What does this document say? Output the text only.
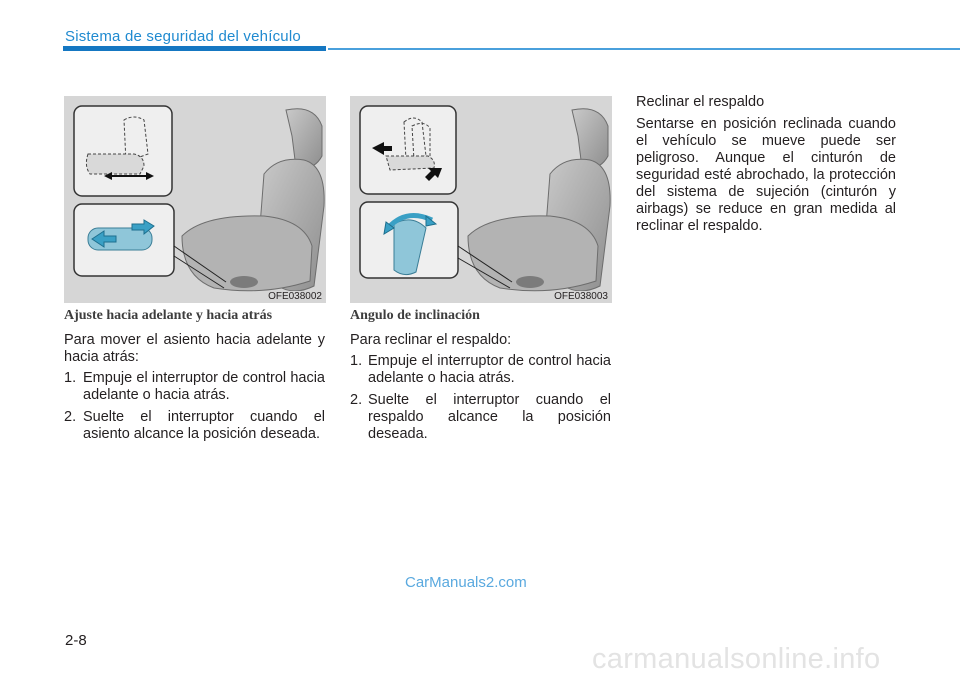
Sistema de seguridad del vehículo
OFE038002	OFE038003
Ajuste hacia adelante y hacia atrás
Para mover el asiento hacia adelante y hacia atrás:
1. Empuje el interruptor de control hacia adelante o hacia atrás.
2. Suelte el interruptor cuando el asiento alcance la posición deseada.
Angulo de inclinación
Para reclinar el respaldo:
1. Empuje el interruptor de control hacia adelante o hacia atrás.
2. Suelte el interruptor cuando el respaldo alcance la posición deseada.
Reclinar el respaldo
Sentarse en posición reclinada cuando el vehículo se mueve puede ser peligroso. Aunque el cinturón de seguridad esté abrochado, la protección del sistema de sujeción (cinturón y airbags) se reduce en gran medida al reclinar el respaldo.
CarManuals2.com
2-8
carmanualsonline.info
